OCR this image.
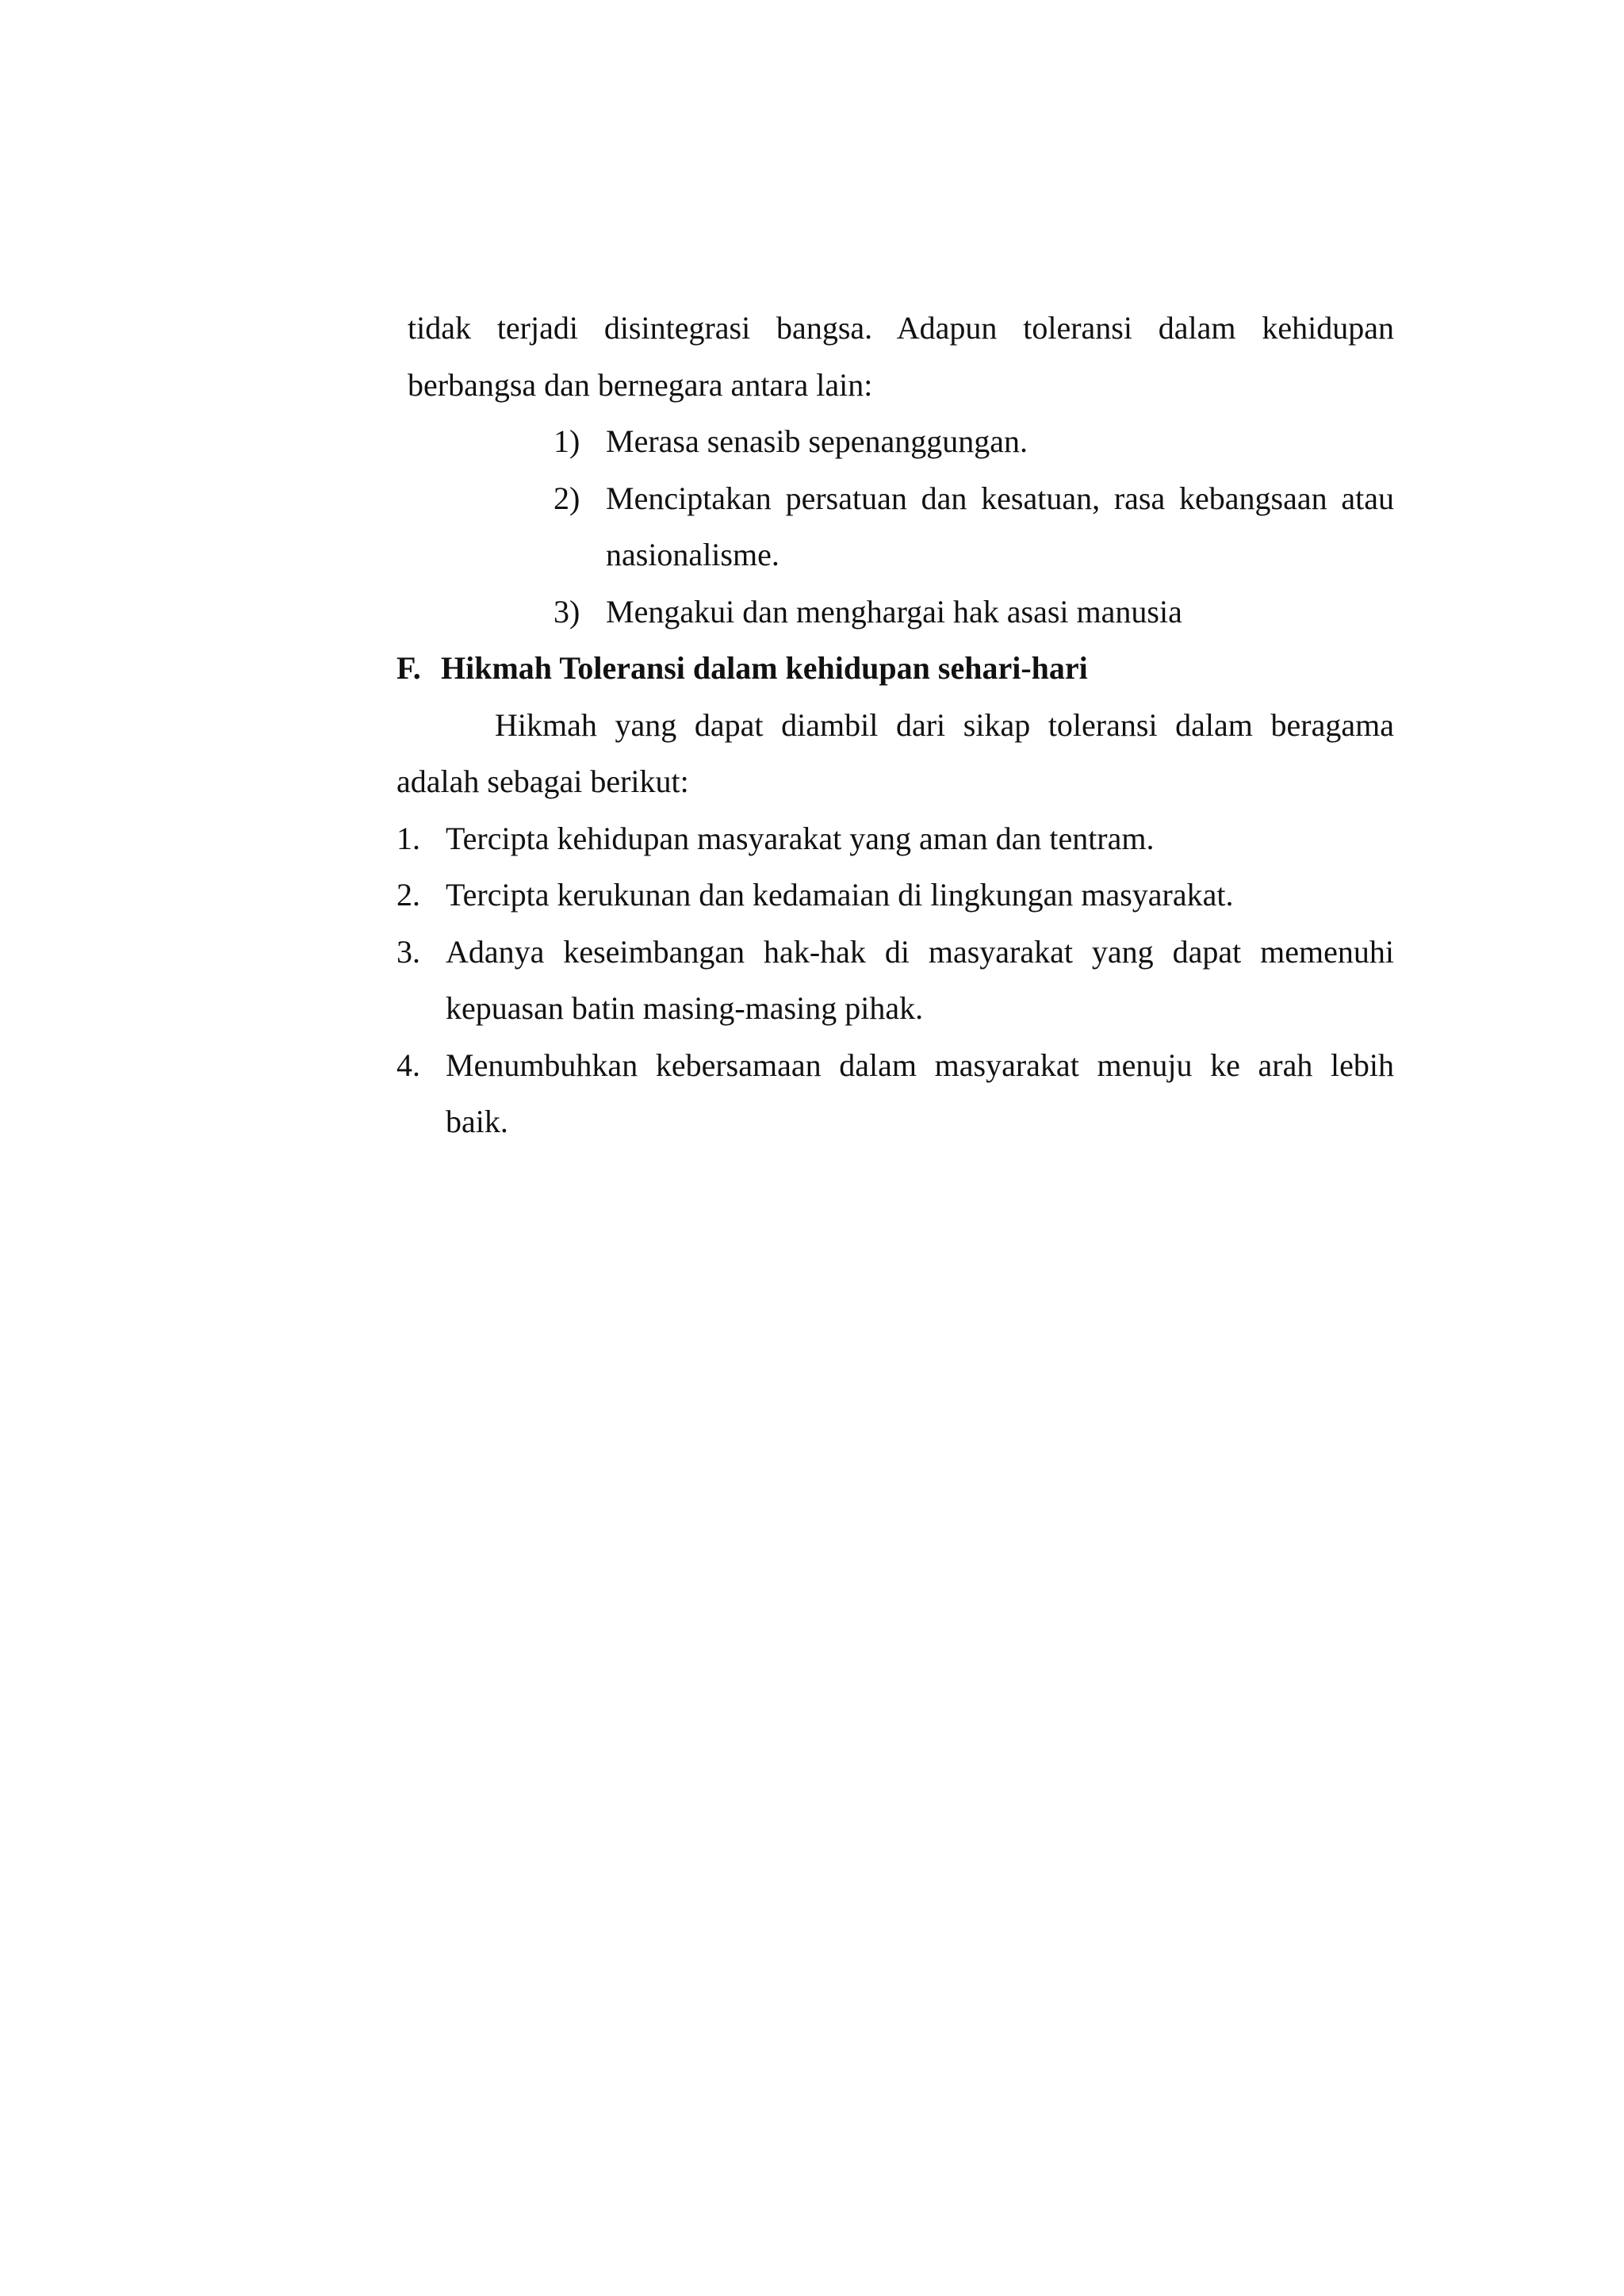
tidak terjadi disintegrasi bangsa. Adapun toleransi dalam kehidupan berbangsa dan bernegara antara lain:

1) Merasa senasib sepenanggungan.
2) Menciptakan persatuan dan kesatuan, rasa kebangsaan atau nasionalisme.
3) Mengakui dan menghargai hak asasi manusia
F. Hikmah Toleransi dalam kehidupan sehari-hari

Hikmah yang dapat diambil dari sikap toleransi dalam beragama adalah sebagai berikut:

1. Tercipta kehidupan masyarakat yang aman dan tentram.
2. Tercipta kerukunan dan kedamaian di lingkungan masyarakat.
3. Adanya keseimbangan hak-hak di masyarakat yang dapat memenuhi kepuasan batin masing-masing pihak.
4. Menumbuhkan kebersamaan dalam masyarakat menuju ke arah lebih baik.
